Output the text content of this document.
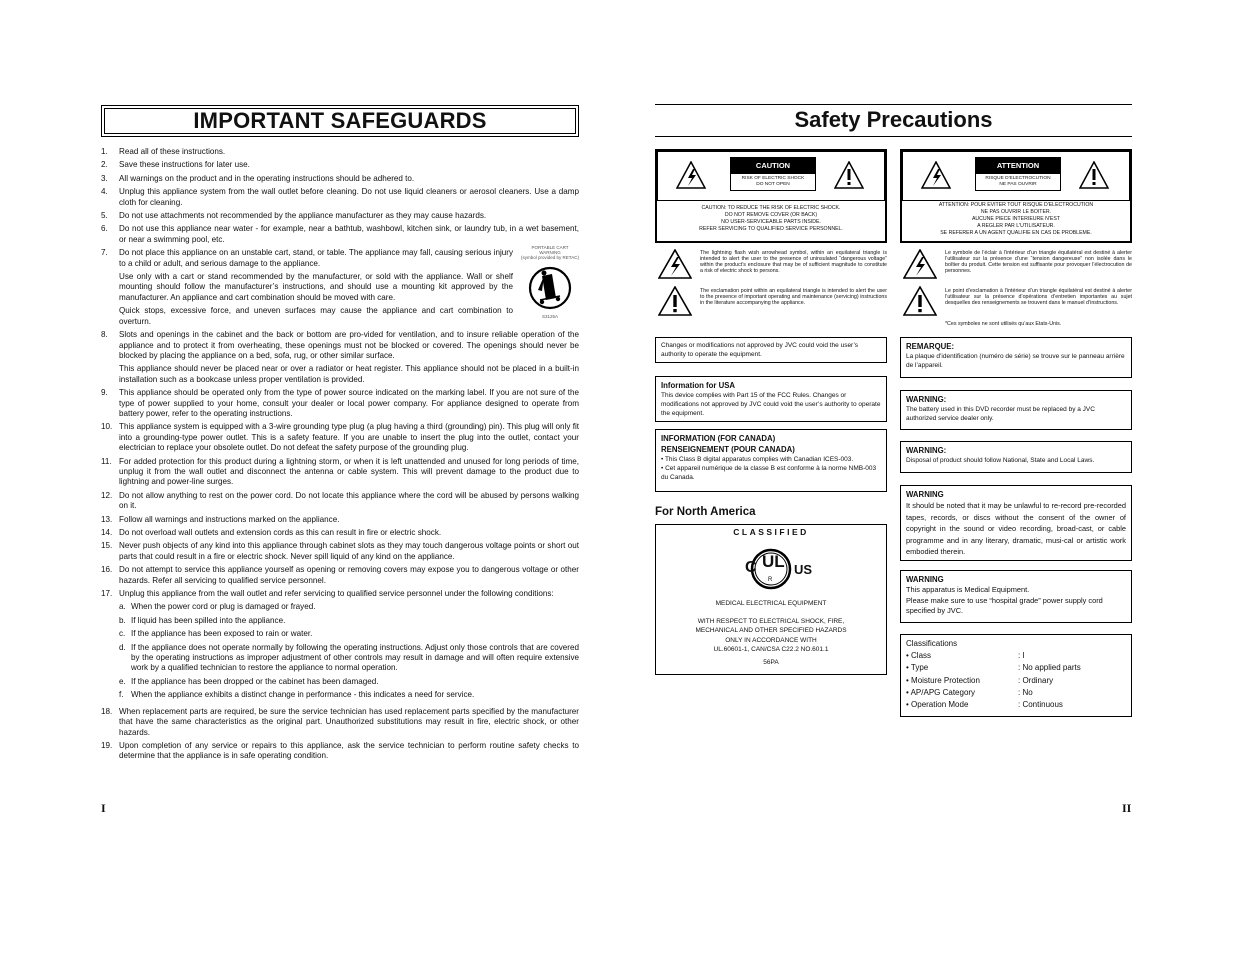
IMPORTANT SAFEGUARDS
1.	Read all of these instructions.
2.	Save these instructions for later use.
3.	All warnings on the product and in the operating instructions should be adhered to.
4.	Unplug this appliance system from the wall outlet before cleaning. Do not use liquid cleaners or aerosol cleaners. Use a damp cloth for cleaning.
5.	Do not use attachments not recommended by the appliance manufacturer as they may cause hazards.
6.	Do not use this appliance near water - for example, near a bathtub, washbowl, kitchen sink, or laundry tub, in a wet basement, or near a swimming pool, etc.
7.
PORTABLE CART WARNING
(symbol provided by RETAC)
S3125A

Do not place this appliance on an unstable cart, stand, or table. The appliance may fall, causing serious injury to a child or adult, and serious damage to the appliance.

Use only with a cart or stand recommended by the manufacturer, or sold with the appliance. Wall or shelf mounting should follow the manufacturer’s instructions, and should use a mounting kit approved by the manufacturer. An appliance and cart combination should be moved with care.

Quick stops, excessive force, and uneven surfaces may cause the appliance and cart combination to overturn.

8.	Slots and openings in the cabinet and the back or bottom are pro-vided for ventilation, and to insure reliable operation of the appliance and to protect it from overheating, these openings must not be blocked or covered. The openings should never be blocked by placing the appliance on a bed, sofa, rug, or other similar surface.

This appliance should never be placed near or over a radiator or heat register. This appliance should not be placed in a built-in installation such as a bookcase unless proper ventilation is provided.

9.	This appliance should be operated only from the type of power source indicated on the marking label. If you are not sure of the type of power supplied to your home, consult your dealer or local power company. For appliance designed to operate from battery power, refer to the operating instructions.
10. This appliance system is equipped with a 3-wire grounding type plug (a plug having a third (grounding) pin). This plug will only fit into a grounding-type power outlet. This is a safety feature. If you are unable to insert the plug into the outlet, contact your electrician to replace your obsolete outlet. Do not defeat the safety purpose of the grounding plug.
11. For added protection for this product during a lightning storm, or when it is left unattended and unused for long periods of time, unplug it from the wall outlet and disconnect the antenna or cable system. This will prevent damage to the product due to lightning and power-line surges.
12. Do not allow anything to rest on the power cord. Do not locate this appliance where the cord will be abused by persons walking on it.
13. Follow all warnings and instructions marked on the appliance.
14. Do not overload wall outlets and extension cords as this can result in fire or electric shock.
15. Never push objects of any kind into this appliance through cabinet slots as they may touch dangerous voltage points or short out parts that could result in a fire or electric shock. Never spill liquid of any kind on the appliance.
16. Do not attempt to service this appliance yourself as opening or removing covers may expose you to dangerous voltage or other hazards. Refer all servicing to qualified service personnel.
17. Unplug this appliance from the wall outlet and refer servicing to qualified service personnel under the following conditions:

a. When the power cord or plug is damaged or frayed.
b. If liquid has been spilled into the appliance.
c. If the appliance has been exposed to rain or water.
d. If the appliance does not operate normally by following the operating instructions. Adjust only those controls that are covered by the operating instructions as improper adjustment of other controls may result in damage and will often require extensive work by a qualified technician to restore the appliance to normal operation.
e. If the appliance has been dropped or the cabinet has been damaged.
f. When the appliance exhibits a distinct change in performance - this indicates a need for service.
18. When replacement parts are required, be sure the service technician has used replacement parts specified by the manufacturer that have the same characteristics as the original part. Unauthorized substitutions may result in fire, electric shock, or other hazards.
19. Upon completion of any service or repairs to this appliance, ask the service technician to perform routine safety checks to determine that the appliance is in safe operating condition.
I
Safety Precautions
CAUTION
RISK OF ELECTRIC SHOCK
DO NOT OPEN
CAUTION: TO REDUCE THE RISK OF ELECTRIC SHOCK.
DO NOT REMOVE COVER (OR BACK)
NO USER-SERVICEABLE PARTS INSIDE.
REFER SERVICING TO QUALIFIED SERVICE PERSONNEL.
ATTENTION
RISQUE D'ELECTROCUTION
NE PAS OUVRIR
ATTENTION: POUR EVITER TOUT RISQUE D'ELECTROCUTION
NE PAS OUVRIR LE BOITER.
AUCUNE PIECE INTERIEURE N'EST
A REGLER PAR L'UTILISATEUR.
SE REFERER A UN AGENT QUALIFIE EN CAS DE PROBLEME.
The lightning flash wish arrowhead symbol, within an equilateral triangle is intended to alert the user to the presence of uninsulated “dangerous voltage” within the product’s enclosure that may be of sufficient magnitude to constitute a risk of electric shock to persons.
The exclamation point within an equilateral triangle is intended to alert the user to the presence of important operating and maintenance (servicing) instructions in the literature accompanying the appliance.
Le symbole de l’éclair à l’intérieur d’un triangle équilatéral est destiné à alerter l’utilisateur sur la présence d’une “tension dangereuse” non isolée dans le boîtier du produit. Cette tension est suffisante pour provoquer l’électrocution de personnes.
Le point d’exclamation à l’intérieur d’un triangle équilatéral est destiné à alerter l’utilisateur sur la présence d’opérations d’entretien importantes au sujet desquelles des renseignements se trouvent dans le manuel d’instructions.
*Ces symboles ne sont utilisés qu’aux Etats-Unis.

Changes or modifications not approved by JVC could void the user’s authority to operate the equipment.

Information for USA

This device complies with Part 15 of the FCC Rules. Changes or modifications not approved by JVC could void the user’s authority to operate the equipment.

INFORMATION (FOR CANADA)
RENSEIGNEMENT (POUR CANADA)

• This Class B digital apparatus complies with Canadian ICES-003.

• Cet appareil numérique de la classe B est conforme à la norme NMB-003 du Canada.

For North America
CLASSIFIED
C UL US
R
MEDICAL ELECTRICAL EQUIPMENT
WITH RESPECT TO ELECTRICAL SHOCK, FIRE,
MECHANICAL AND OTHER SPECIFIED HAZARDS
ONLY IN ACCORDANCE WITH
UL.60601-1, CAN/CSA C22.2 NO.601.1
56PA
REMARQUE:

La plaque d’identification (numéro de série) se trouve sur le panneau arrière de l’appareil.

WARNING:

The battery used in this DVD recorder must be replaced by a JVC authorized service dealer only.

WARNING:

Disposal of product should follow National, State and Local Laws.

WARNING

It should be noted that it may be unlawful to re-record pre-recorded tapes, records, or discs without the consent of the owner of copyright in the sound or video recording, broad-cast, or cable programme and in any literary, dramatic, musi-cal or artistic work embodied therein.

WARNING

This apparatus is Medical Equipment.

Please make sure to use “hospital grade” power supply cord specified by JVC.

Classifications
• Class	: I
• Type	: No applied parts
• Moisture Protection	: Ordinary
• AP/APG Category	: No
• Operation Mode	: Continuous
II
